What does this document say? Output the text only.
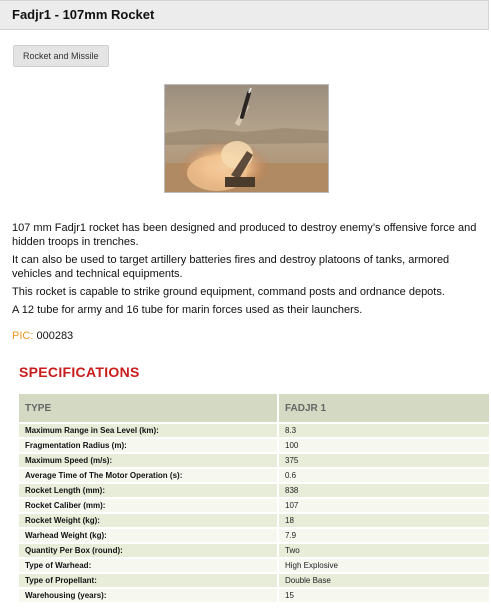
Fadjr1 - 107mm Rocket
Rocket and Missile
107 mm Fadjr1 rocket has been designed and produced to destroy enemy’s offensive force and hidden troops in trenches.
It can also be used to target artillery batteries fires and destroy platoons of tanks, armored vehicles and technical equipments.
This rocket is capable to strike ground equipment, command posts and ordnance depots.
A 12 tube for army and 16 tube for marin forces used as their launchers.
PIC: 000283
SPECIFICATIONS
TYPE	FADJR 1
Maximum Range in Sea Level (km):	8.3
Fragmentation Radius (m):	100
Maximum Speed (m/s):	375
Average Time of The Motor Operation (s):	0.6
Rocket Length (mm):	838
Rocket Caliber (mm):	107
Rocket Weight (kg):	18
Warhead Weight (kg):	7.9
Quantity Per Box (round):	Two
Type of Warhead:	High Explosive
Type of Propellant:	Double Base
Warehousing (years):	15
